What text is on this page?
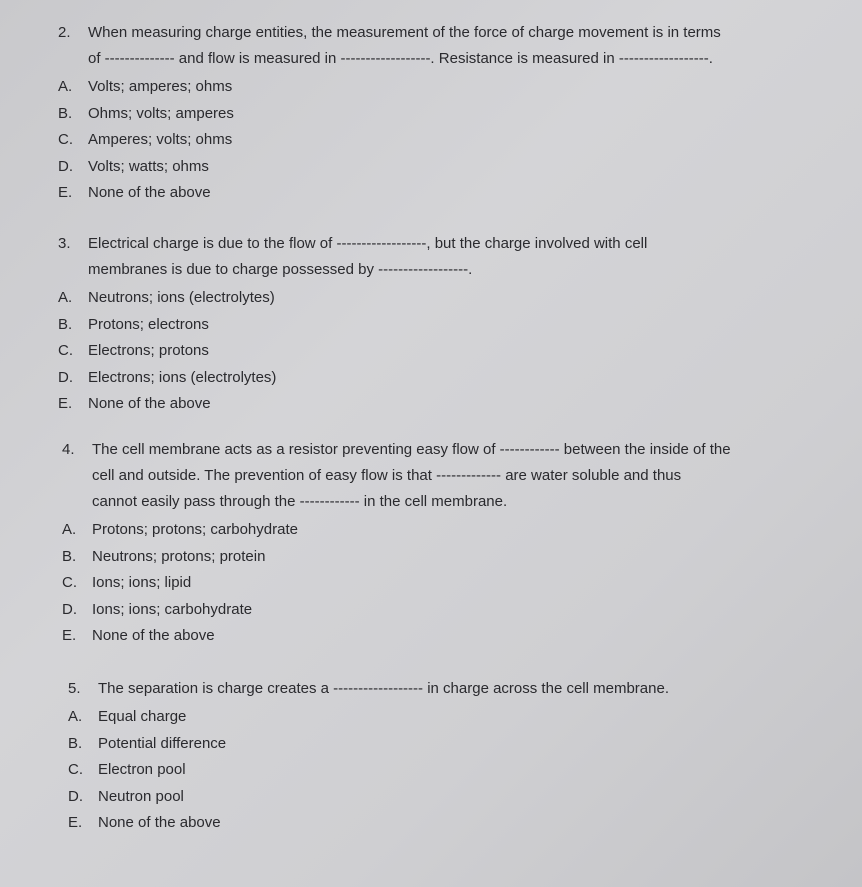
2. When measuring charge entities, the measurement of the force of charge movement is in terms
of -------------- and flow is measured in ------------------. Resistance is measured in ------------------.
A. Volts; amperes; ohms
B. Ohms; volts; amperes
C. Amperes; volts; ohms
D. Volts; watts; ohms
E. None of the above
3. Electrical charge is due to the flow of ------------------, but the charge involved with cell
membranes is due to charge possessed by ------------------.
A. Neutrons; ions (electrolytes)
B. Protons; electrons
C. Electrons; protons
D. Electrons; ions (electrolytes)
E. None of the above
4. The cell membrane acts as a resistor preventing easy flow of ------------ between the inside of the
cell and outside. The prevention of easy flow is that ------------- are water soluble and thus
cannot easily pass through the ------------ in the cell membrane.
A. Protons; protons; carbohydrate
B. Neutrons; protons; protein
C. Ions; ions; lipid
D. Ions; ions; carbohydrate
E. None of the above
5. The separation is charge creates a ------------------ in charge across the cell membrane.
A. Equal charge
B. Potential difference
C. Electron pool
D. Neutron pool
E. None of the above
